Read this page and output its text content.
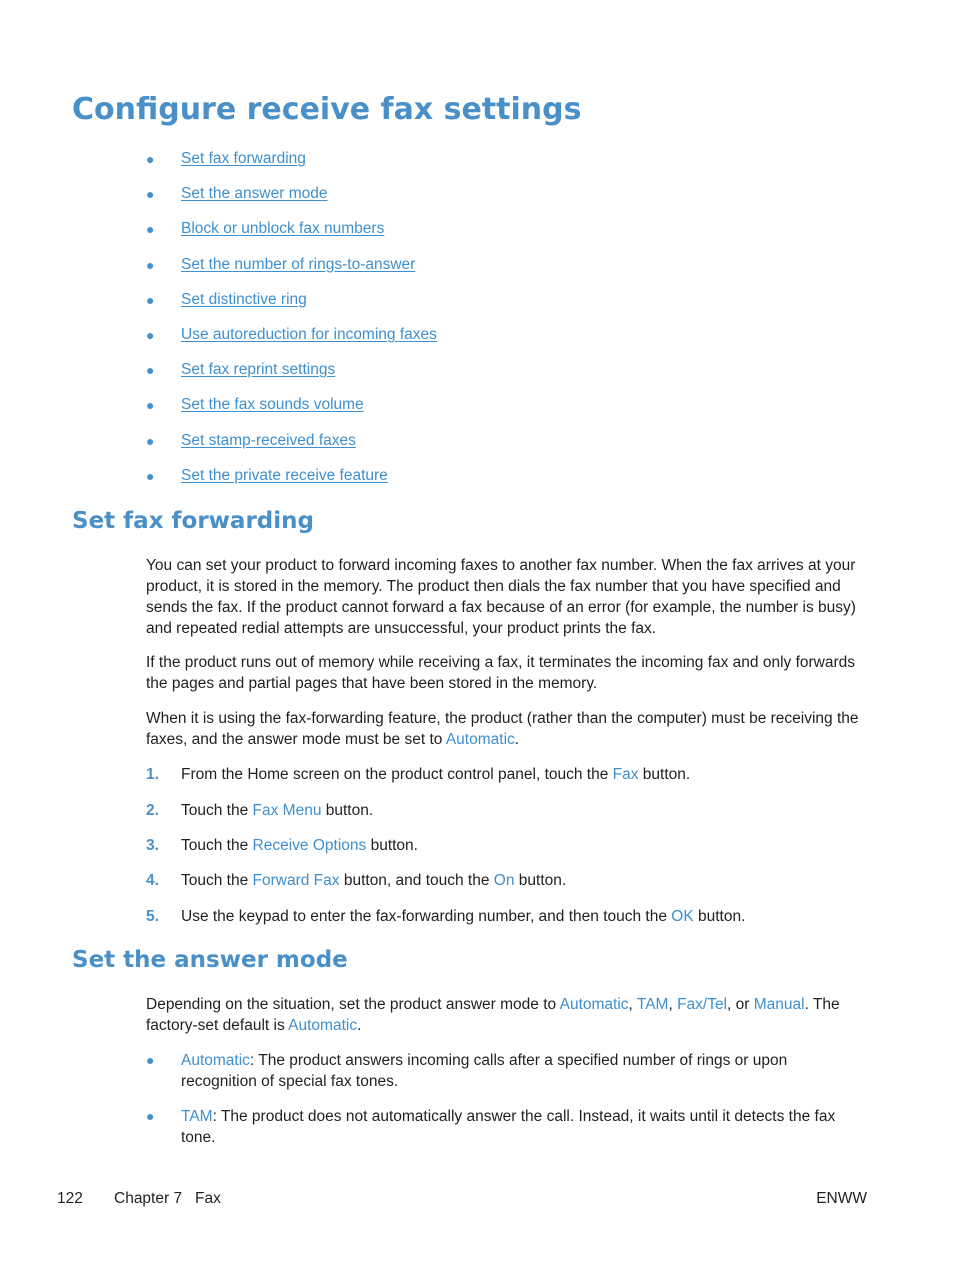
Configure receive fax settings
● Set fax forwarding
● Set the answer mode
● Block or unblock fax numbers
● Set the number of rings-to-answer
● Set distinctive ring
● Use autoreduction for incoming faxes
● Set fax reprint settings
● Set the fax sounds volume
● Set stamp-received faxes
● Set the private receive feature
Set fax forwarding

You can set your product to forward incoming faxes to another fax number. When the fax arrives at your product, it is stored in the memory. The product then dials the fax number that you have specified and sends the fax. If the product cannot forward a fax because of an error (for example, the number is busy) and repeated redial attempts are unsuccessful, your product prints the fax.

If the product runs out of memory while receiving a fax, it terminates the incoming fax and only forwards the pages and partial pages that have been stored in the memory.

When it is using the fax-forwarding feature, the product (rather than the computer) must be receiving the faxes, and the answer mode must be set to Automatic.

1. From the Home screen on the product control panel, touch the Fax button.
2. Touch the Fax Menu button.
3. Touch the Receive Options button.
4. Touch the Forward Fax button, and touch the On button.
5. Use the keypad to enter the fax-forwarding number, and then touch the OK button.
Set the answer mode

Depending on the situation, set the product answer mode to Automatic, TAM, Fax/Tel, or Manual. The factory-set default is Automatic.

● Automatic: The product answers incoming calls after a specified number of rings or upon recognition of special fax tones.
● TAM: The product does not automatically answer the call. Instead, it waits until it detects the fax tone.
122 Chapter 7   Fax	ENWW
